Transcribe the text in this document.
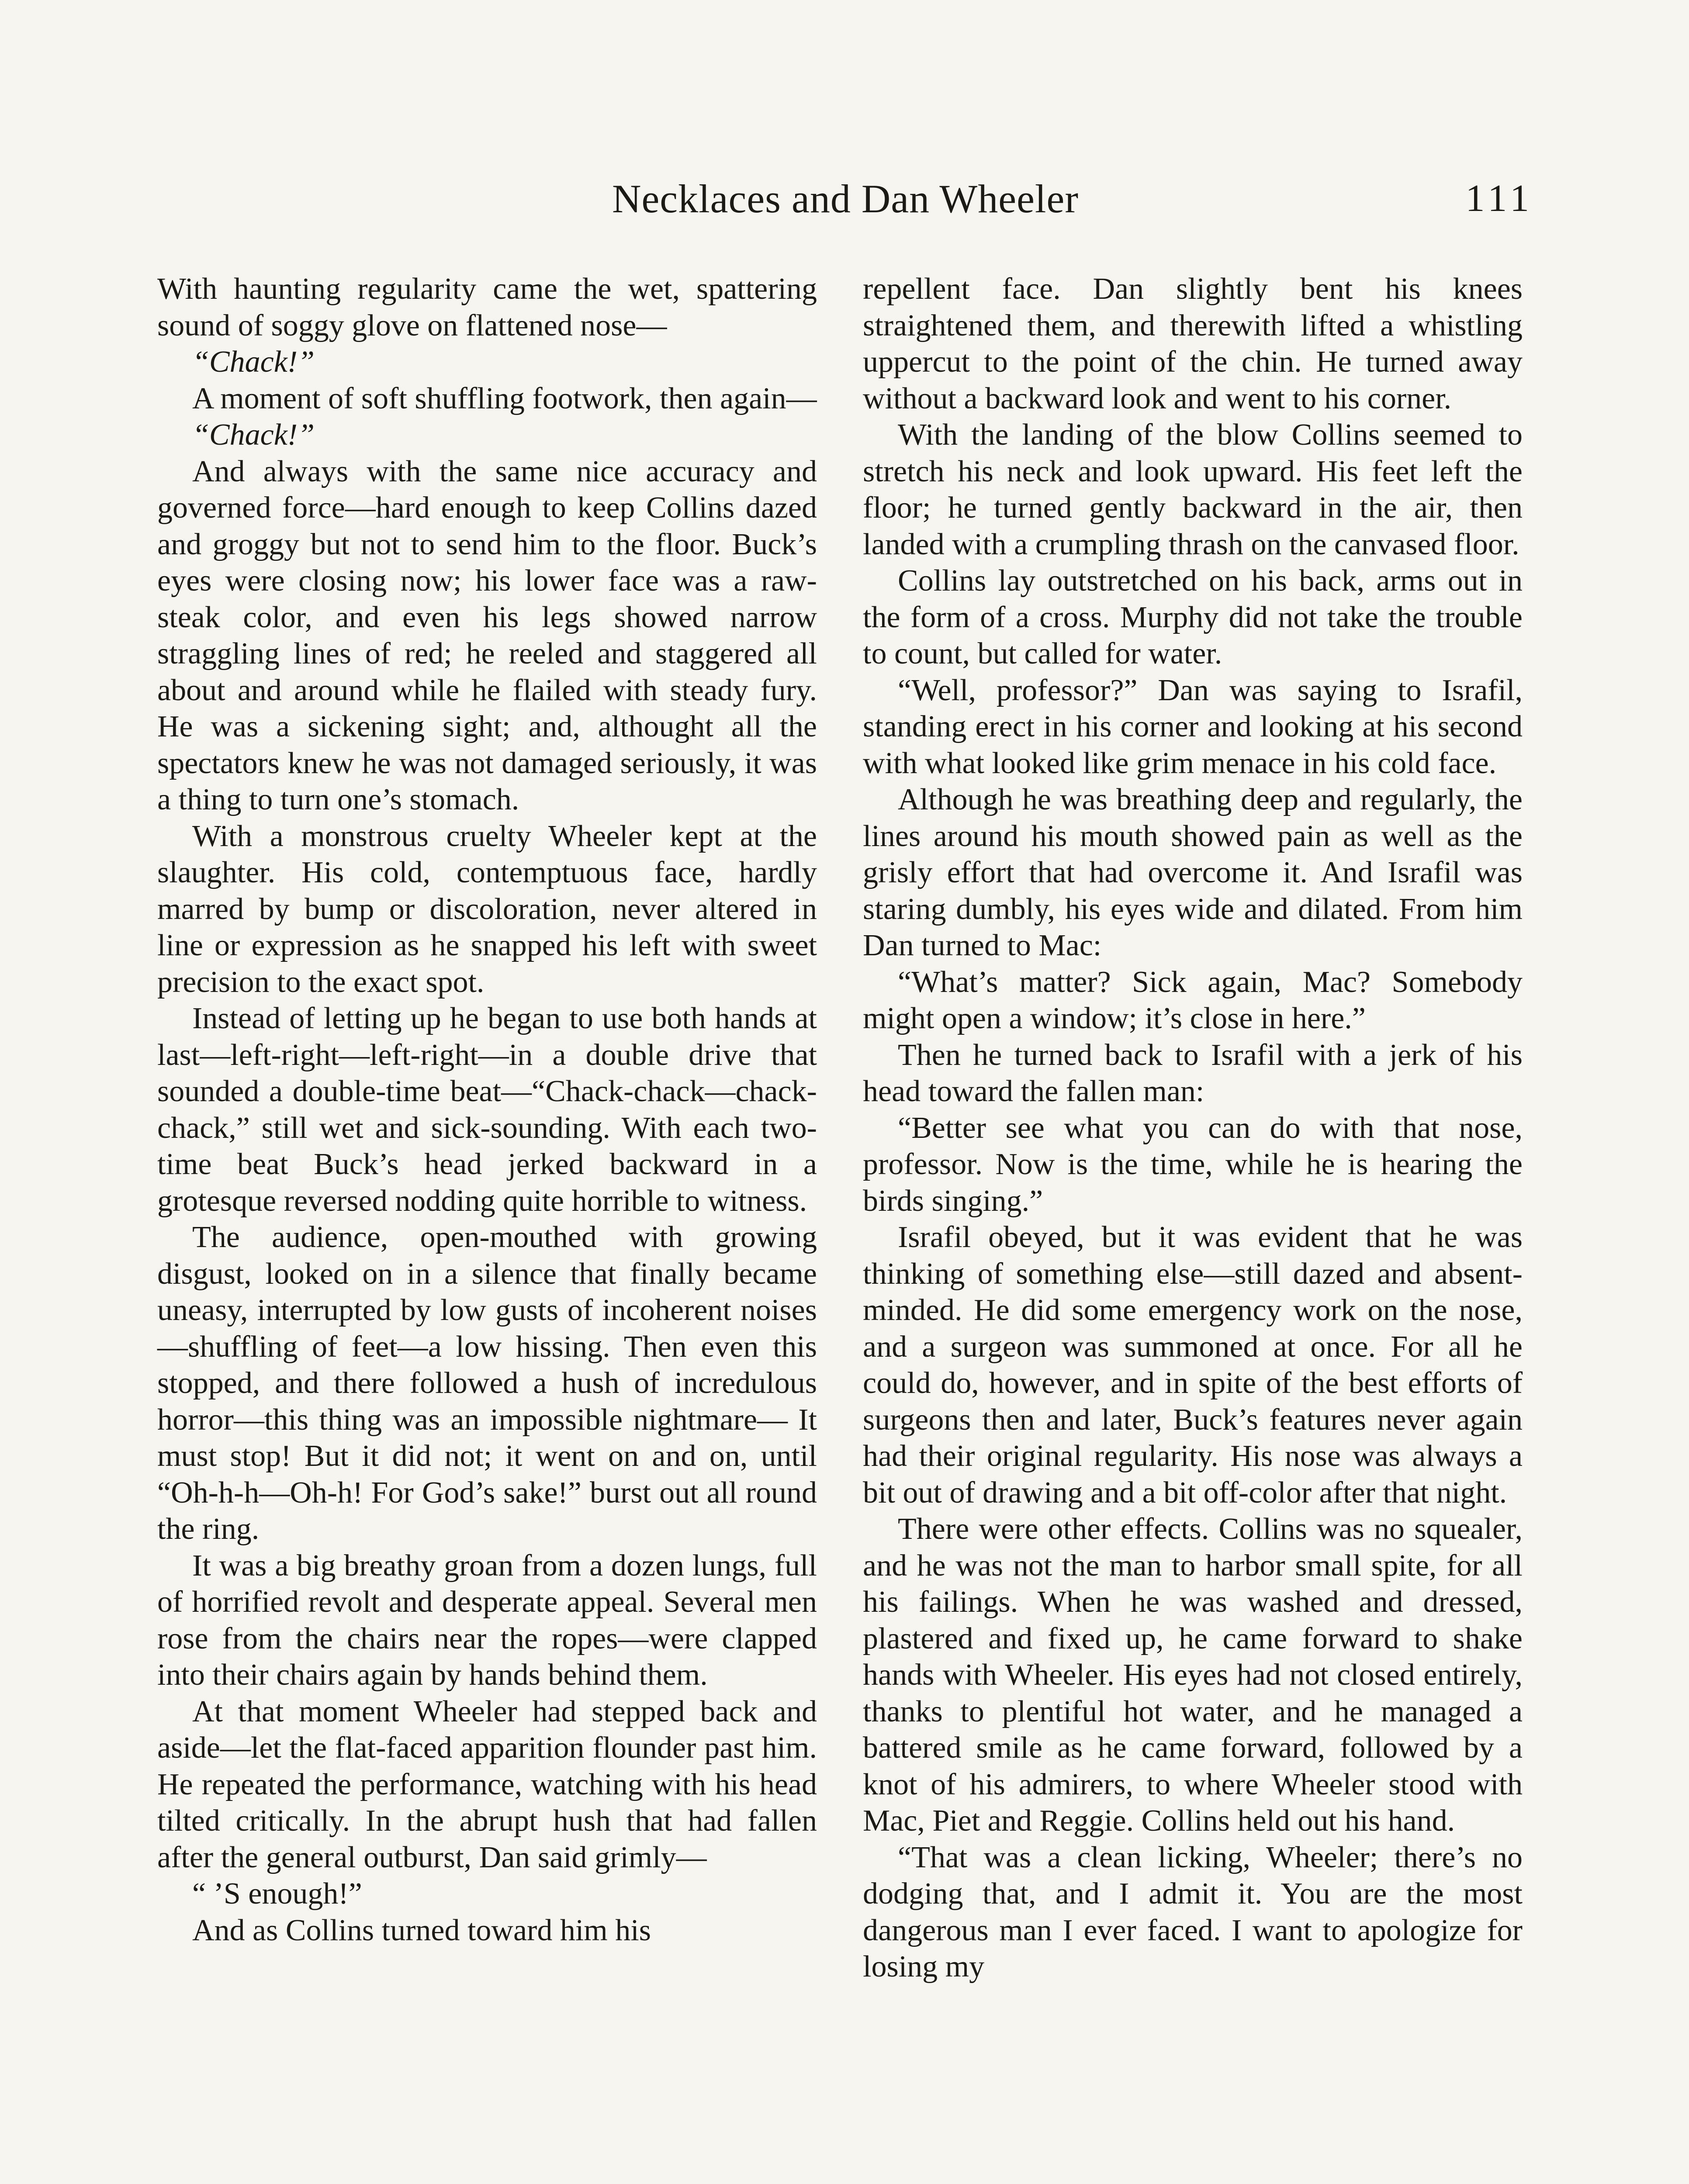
Necklaces and Dan Wheeler	111

With haunting regularity came the wet, spattering sound of soggy glove on flattened nose—

“Chack!”

A moment of soft shuffling footwork, then again—

“Chack!”

And always with the same nice accuracy and governed force—hard enough to keep Collins dazed and groggy but not to send him to the floor. Buck’s eyes were closing now; his lower face was a raw-steak color, and even his legs showed narrow straggling lines of red; he reeled and staggered all about and around while he flailed with steady fury. He was a sickening sight; and, althought all the spectators knew he was not damaged seriously, it was a thing to turn one’s stomach.

With a monstrous cruelty Wheeler kept at the slaughter. His cold, contemptuous face, hardly marred by bump or discoloration, never altered in line or expression as he snapped his left with sweet precision to the exact spot.

Instead of letting up he began to use both hands at last—left-right—left-right—in a double drive that sounded a double-time beat—“Chack-chack—chack-chack,” still wet and sick-sounding. With each two-time beat Buck’s head jerked backward in a grotesque reversed nodding quite horrible to witness.

The audience, open-mouthed with growing disgust, looked on in a silence that finally became uneasy, interrupted by low gusts of incoherent noises—shuffling of feet—a low hissing. Then even this stopped, and there followed a hush of incredulous horror—this thing was an impossible nightmare— It must stop! But it did not; it went on and on, until “Oh-h-h—Oh-h! For God’s sake!” burst out all round the ring.

It was a big breathy groan from a dozen lungs, full of horrified revolt and desperate appeal. Several men rose from the chairs near the ropes—were clapped into their chairs again by hands behind them.

At that moment Wheeler had stepped back and aside—let the flat-faced apparition flounder past him. He repeated the performance, watching with his head tilted critically. In the abrupt hush that had fallen after the general outburst, Dan said grimly—

“ ’S enough!”

And as Collins turned toward him his

repellent face. Dan slightly bent his knees straightened them, and therewith lifted a whistling uppercut to the point of the chin. He turned away without a backward look and went to his corner.

With the landing of the blow Collins seemed to stretch his neck and look upward. His feet left the floor; he turned gently backward in the air, then landed with a crumpling thrash on the canvased floor.

Collins lay outstretched on his back, arms out in the form of a cross. Murphy did not take the trouble to count, but called for water.

“Well, professor?” Dan was saying to Israfil, standing erect in his corner and looking at his second with what looked like grim menace in his cold face.

Although he was breathing deep and regularly, the lines around his mouth showed pain as well as the grisly effort that had overcome it. And Israfil was staring dumbly, his eyes wide and dilated. From him Dan turned to Mac:

“What’s matter? Sick again, Mac? Somebody might open a window; it’s close in here.”

Then he turned back to Israfil with a jerk of his head toward the fallen man:

“Better see what you can do with that nose, professor. Now is the time, while he is hearing the birds singing.”

Israfil obeyed, but it was evident that he was thinking of something else—still dazed and absent-minded. He did some emergency work on the nose, and a surgeon was summoned at once. For all he could do, however, and in spite of the best efforts of surgeons then and later, Buck’s features never again had their original regularity. His nose was always a bit out of drawing and a bit off-color after that night.

There were other effects. Collins was no squealer, and he was not the man to harbor small spite, for all his failings. When he was washed and dressed, plastered and fixed up, he came forward to shake hands with Wheeler. His eyes had not closed entirely, thanks to plentiful hot water, and he managed a battered smile as he came forward, followed by a knot of his admirers, to where Wheeler stood with Mac, Piet and Reggie. Collins held out his hand.

“That was a clean licking, Wheeler; there’s no dodging that, and I admit it. You are the most dangerous man I ever faced. I want to apologize for losing my
